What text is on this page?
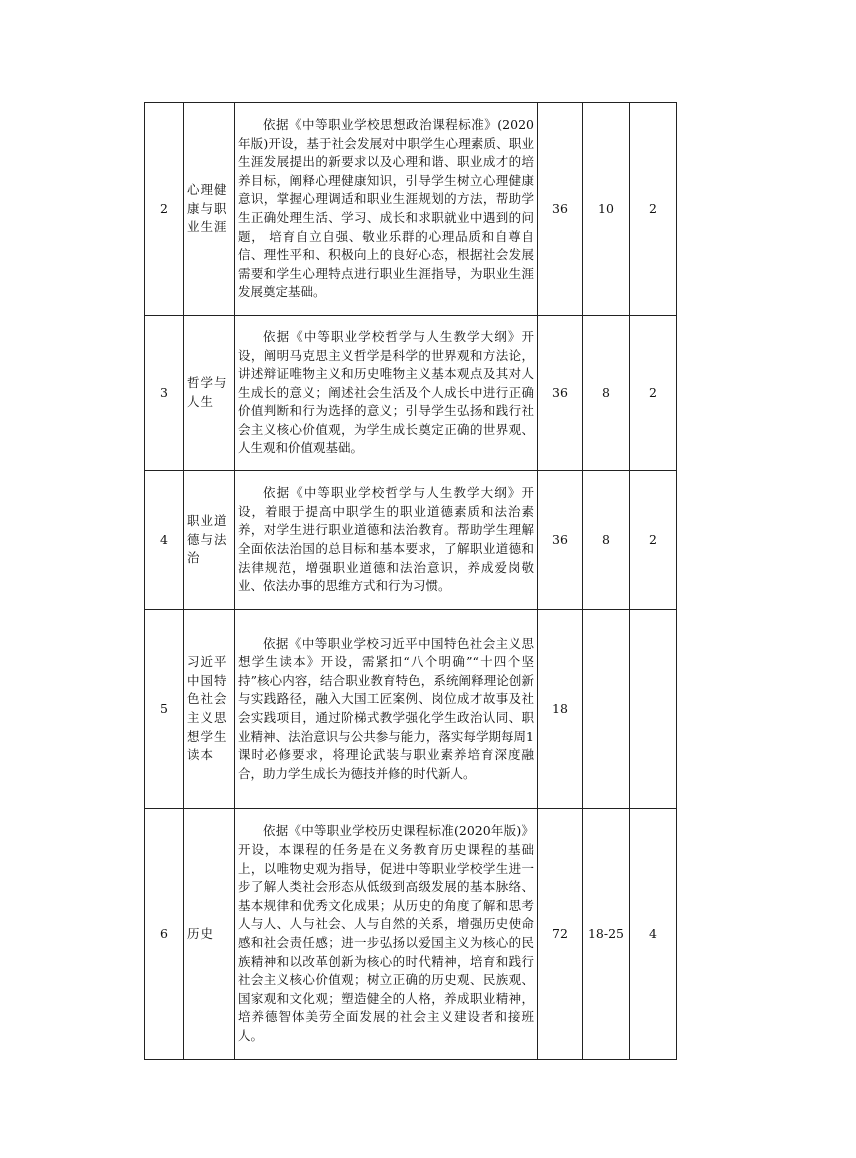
2	心理健康与职业生涯	依据《中等职业学校思想政治课程标准》(2020年版)开设，基于社会发展对中职学生心理素质、职业生涯发展提出的新要求以及心理和谐、职业成才的培养目标，阐释心理健康知识，引导学生树立心理健康意识，掌握心理调适和职业生涯规划的方法，帮助学生正确处理生活、学习、成长和求职就业中遇到的问题， 培育自立自强、敬业乐群的心理品质和自尊自信、理性平和、积极向上的良好心态，根据社会发展需要和学生心理特点进行职业生涯指导，为职业生涯发展奠定基础。	36	10	2
3	哲学与人生	依据《中等职业学校哲学与人生教学大纲》开设，阐明马克思主义哲学是科学的世界观和方法论，讲述辩证唯物主义和历史唯物主义基本观点及其对人生成长的意义；阐述社会生活及个人成长中进行正确价值判断和行为选择的意义；引导学生弘扬和践行社会主义核心价值观，为学生成长奠定正确的世界观、人生观和价值观基础。	36	8	2
4	职业道德与法治	依据《中等职业学校哲学与人生教学大纲》开设，着眼于提高中职学生的职业道德素质和法治素养，对学生进行职业道德和法治教育。帮助学生理解全面依法治国的总目标和基本要求，了解职业道德和法律规范，增强职业道德和法治意识，养成爱岗敬业、依法办事的思维方式和行为习惯。	36	8	2
5	习近平中国特色社会主义思想学生读本	依据《中等职业学校习近平中国特色社会主义思想学生读本》开设，需紧扣“八个明确”“十四个坚持”核心内容，结合职业教育特色，系统阐释理论创新与实践路径，融入大国工匠案例、岗位成才故事及社会实践项目，通过阶梯式教学强化学生政治认同、职业精神、法治意识与公共参与能力，落实每学期每周1课时必修要求，将理论武装与职业素养培育深度融合，助力学生成长为德技并修的时代新人。	18		
6	历史	依据《中等职业学校历史课程标准(2020年版)》开设，本课程的任务是在义务教育历史课程的基础上，以唯物史观为指导，促进中等职业学校学生进一步了解人类社会形态从低级到高级发展的基本脉络、基本规律和优秀文化成果；从历史的角度了解和思考人与人、人与社会、人与自然的关系，增强历史使命感和社会责任感；进一步弘扬以爱国主义为核心的民族精神和以改革创新为核心的时代精神，培育和践行社会主义核心价值观；树立正确的历史观、民族观、国家观和文化观；塑造健全的人格，养成职业精神，培养德智体美劳全面发展的社会主义建设者和接班人。	72	18-25	4
